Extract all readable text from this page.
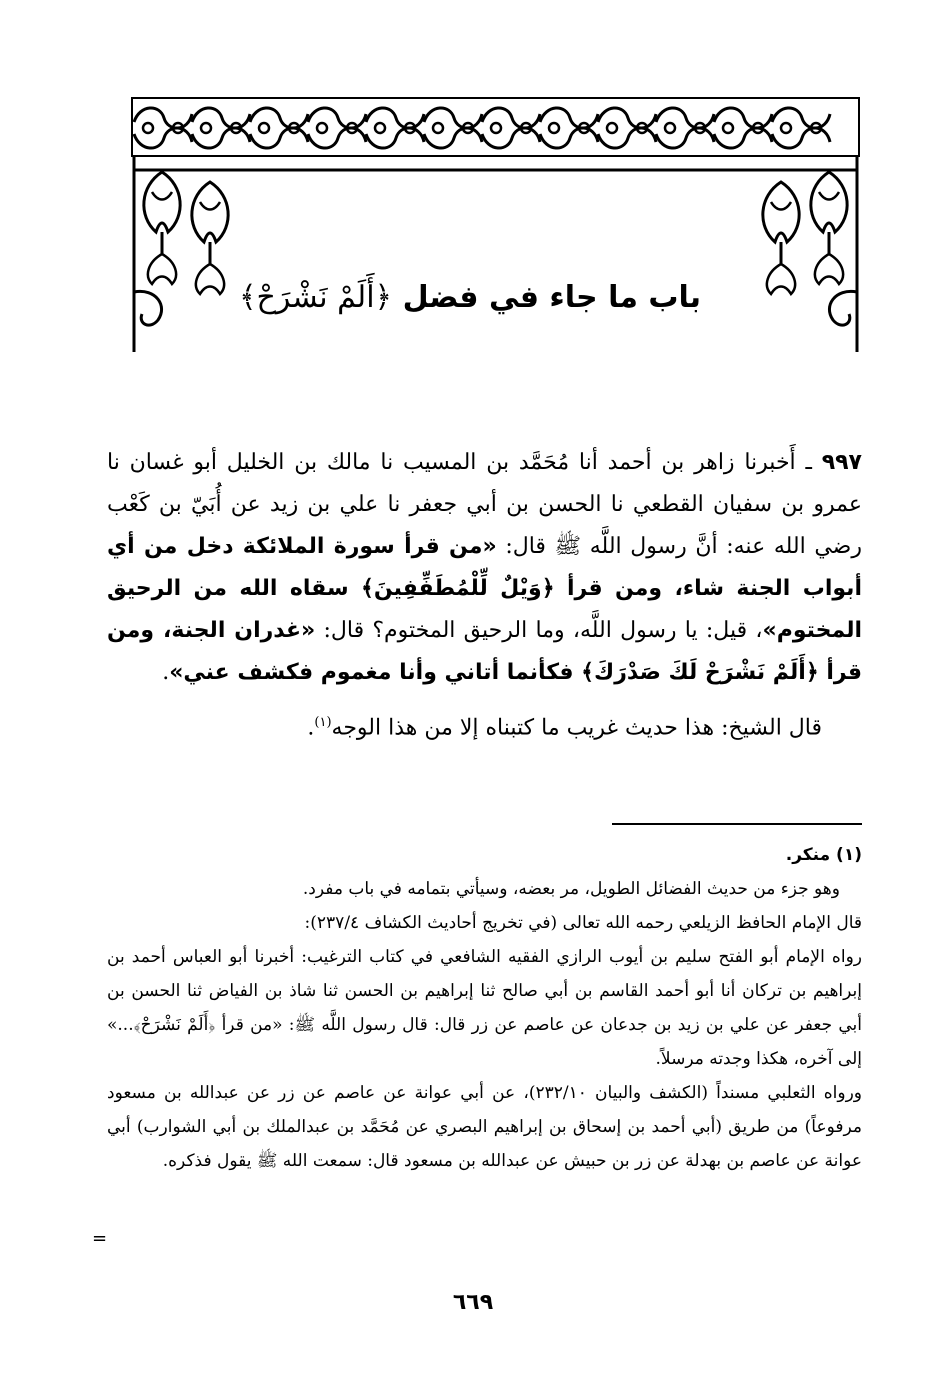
باب ما جاء في فضل ﴿أَلَمْ نَشْرَحْ﴾

٩٩٧ ـ أَخبرنا زاهر بن أحمد أنا مُحَمَّد بن المسيب نا مالك بن الخليل أبو غسان نا عمرو بن سفيان القطعي نا الحسن بن أبي جعفر نا علي بن زيد عن أُبَيّ بن كَعْب رضي الله عنه: أنَّ رسول اللَّه ﷺ قال: «من قرأ سورة الملائكة دخل من أي أبواب الجنة شاء، ومن قرأ ﴿وَيْلٌ لِّلْمُطَفِّفِينَ﴾ سقاه الله من الرحيق المختوم»، قيل: يا رسول اللَّه، وما الرحيق المختوم؟ قال: «غدران الجنة، ومن قرأ ﴿أَلَمْ نَشْرَحْ لَكَ صَدْرَكَ﴾ فكأنما أتاني وأنا مغموم فكشف عني».

قال الشيخ: هذا حديث غريب ما كتبناه إلا من هذا الوجه$^{(١)}$.

(١) منكر.

وهو جزء من حديث الفضائل الطويل، مر بعضه، وسيأتي بتمامه في باب مفرد.

قال الإمام الحافظ الزيلعي رحمه الله تعالى (في تخريج أحاديث الكشاف ٢٣٧/٤):

رواه الإمام أبو الفتح سليم بن أيوب الرازي الفقيه الشافعي في كتاب الترغيب: أخبرنا أبو العباس أحمد بن إبراهيم بن تركان أنا أبو أحمد القاسم بن أبي صالح ثنا إبراهيم بن الحسن ثنا شاذ بن الفياض ثنا الحسن بن أبي جعفر عن علي بن زيد بن جدعان عن عاصم عن زر قال: قال رسول اللَّه ﷺ: «من قرأ ﴿أَلَمْ نَشْرَحْ﴾...» إلى آخره، هكذا وجدته مرسلاً.

ورواه الثعلبي مسنداً (الكشف والبيان ٢٣٢/١٠)، عن أبي عوانة عن عاصم عن زر عن عبدالله بن مسعود مرفوعاً) من طريق (أبي أحمد بن إسحاق بن إبراهيم البصري عن مُحَمَّد بن عبدالملك بن أبي الشوارب) أبي عوانة عن عاصم بن بهدلة عن زر بن حبيش عن عبدالله بن مسعود قال: سمعت الله ﷺ يقول فذكره.

=
٦٦٩
